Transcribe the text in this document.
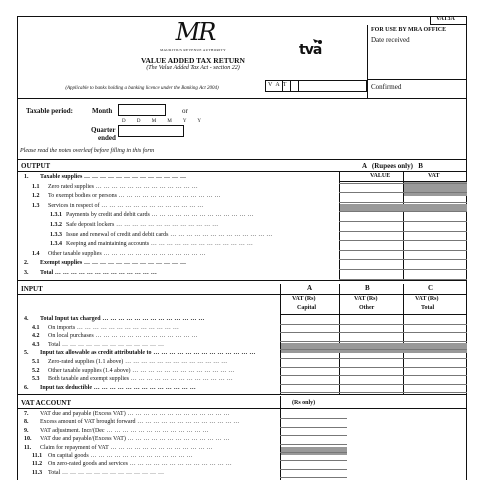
VAT3A
FOR USE BY MRA OFFICE
Date received
Confirmed
MR
MAURITIUS REVENUE AUTHORITY
VALUE ADDED TAX RETURN
(The Value Added Tax Act - section 22)
(Applicable to banks holding a banking licence under the Banking Act 2004)
tva
V A T
Taxable period:	Month	or
D D M M Y Y
Quarter
ended
Please read the notes overleaf before filling in this form
OUTPUT	A   (Rupees only)   B
VALUE	VAT
1. Taxable supplies ... .
1.1 Zero rated supplies ... .
1.2 To exempt bodies or persons ... .
1.3 Services in respect of ... .
1.3.1 Payments by credit and debit cards ... .
1.3.2 Safe deposit lockers ... .
1.3.3 Issue and renewal of credit and debit cards ... .
1.3.4 Keeping and maintaining accounts ... .
1.4 Other taxable supplies ... .
2. Exempt supplies ... .
3. Total ... .
INPUT	A	B	C
VAT (Rs)	VAT (Rs)	VAT (Rs)
Capital	Other	Total
4. Total Input tax charged ... .
4.1 On imports ... .
4.2 On local purchases ... .
4.3 Total ... .
5. Input tax allowable as credit attributable to ... .
5.1 Zero-rated supplies (1.1 above) ... .
5.2 Other taxable supplies (1.4 above) ... .
5.3 Both taxable and exempt supplies ... .
6. Input tax deductible ... .
VAT ACCOUNT	(Rs only)
7. VAT due and payable (Excess VAT) ... .
8. Excess amount of VAT brought forward ... .
9. VAT adjustment. Incr/(Dec ... .
10. VAT due and payable/(Excess VAT) ... .
11. Claim for repayment of VAT ... .
11.1 On capital goods ... .
11.2 On zero-rated goods and services ... .
11.3 Total ... .
